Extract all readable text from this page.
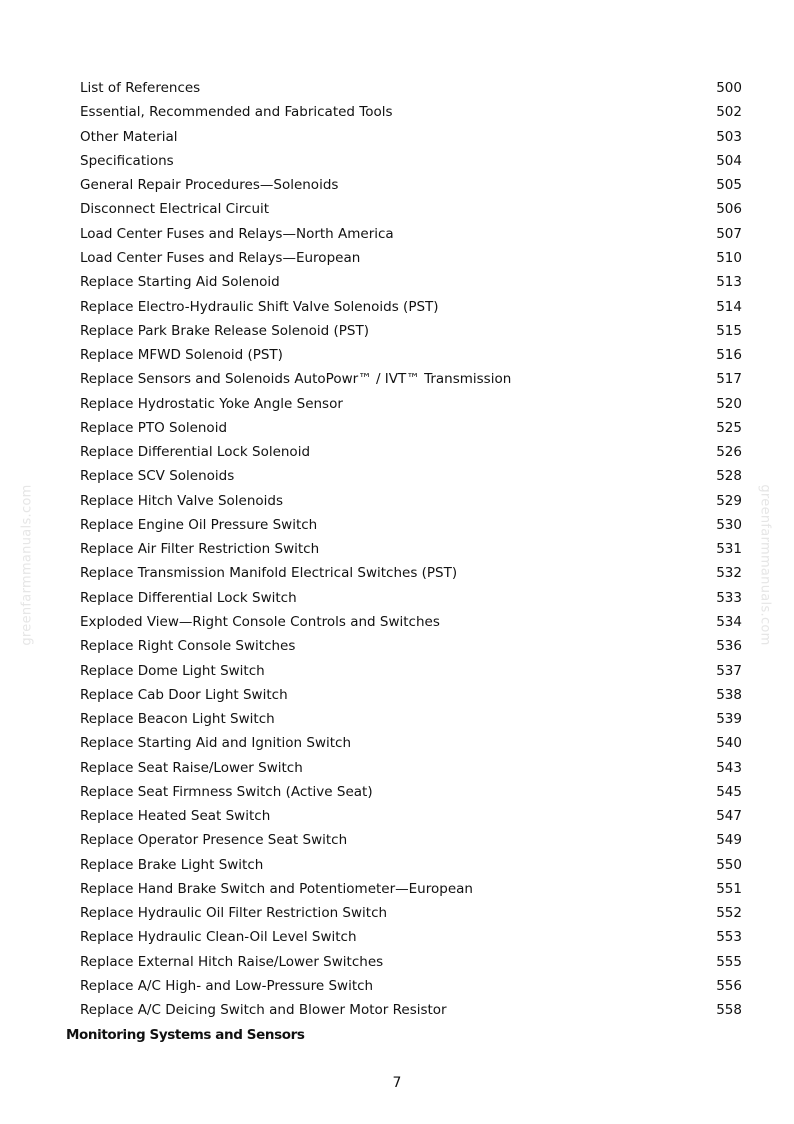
greenfarmmanuals.com	greenfarmmanuals.com
List of References	500
Essential, Recommended and Fabricated Tools	502
Other Material	503
Specifications	504
General Repair Procedures—Solenoids	505
Disconnect Electrical Circuit	506
Load Center Fuses and Relays—North America	507
Load Center Fuses and Relays—European	510
Replace Starting Aid Solenoid	513
Replace Electro-Hydraulic Shift Valve Solenoids (PST)	514
Replace Park Brake Release Solenoid (PST)	515
Replace MFWD Solenoid (PST)	516
Replace Sensors and Solenoids AutoPowr™ / IVT™ Transmission	517
Replace Hydrostatic Yoke Angle Sensor	520
Replace PTO Solenoid	525
Replace Differential Lock Solenoid	526
Replace SCV Solenoids	528
Replace Hitch Valve Solenoids	529
Replace Engine Oil Pressure Switch	530
Replace Air Filter Restriction Switch	531
Replace Transmission Manifold Electrical Switches (PST)	532
Replace Differential Lock Switch	533
Exploded View—Right Console Controls and Switches	534
Replace Right Console Switches	536
Replace Dome Light Switch	537
Replace Cab Door Light Switch	538
Replace Beacon Light Switch	539
Replace Starting Aid and Ignition Switch	540
Replace Seat Raise/Lower Switch	543
Replace Seat Firmness Switch (Active Seat)	545
Replace Heated Seat Switch	547
Replace Operator Presence Seat Switch	549
Replace Brake Light Switch	550
Replace Hand Brake Switch and Potentiometer—European	551
Replace Hydraulic Oil Filter Restriction Switch	552
Replace Hydraulic Clean-Oil Level Switch	553
Replace External Hitch Raise/Lower Switches	555
Replace A/C High- and Low-Pressure Switch	556
Replace A/C Deicing Switch and Blower Motor Resistor	558
Monitoring Systems and Sensors
7
